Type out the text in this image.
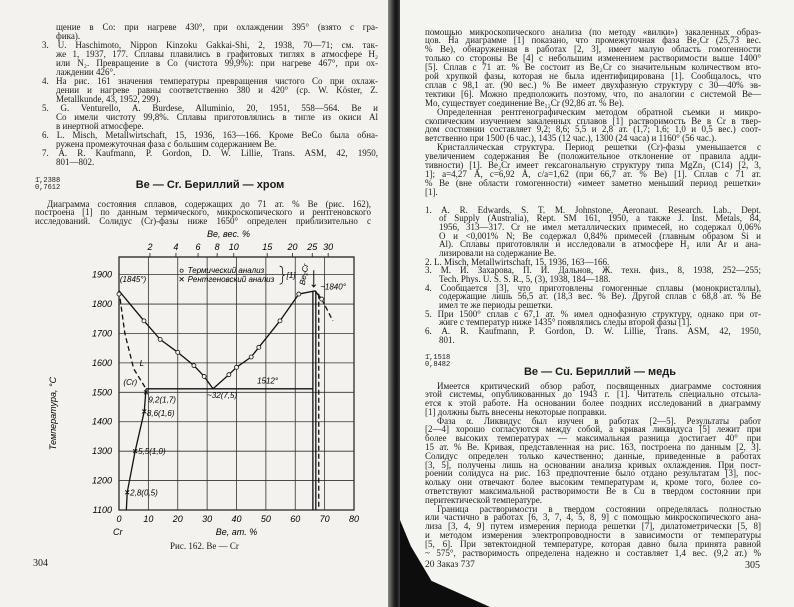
щение в Co: при нагреве 430°, при охлаждении 395° (взято с гра-
фика).
3. U. Haschimoto, Nippon Kinzoku Gakkai-Shi, 2, 1938, 70—71; см. так-
же 1, 1937, 177. Сплавы плавились в графитовых тиглях в атмосфере H₂
или N₂. Превращение в Co (чистота 99,9%): при нагреве 467°, при ох-
лаждении 426°.
4. На рис. 161 значения температуры превращения чистого Co при охлаж-
дении и нагреве равны соответственно 380 и 420° (ср. W. Köster, Z.
Metallkunde, 43, 1952, 299).
5. G. Venturello, A. Burdese, Alluminio, 20, 1951, 558—564. Be и
Co имели чистоту 99,8%. Сплавы приготовлялись в тигле из окиси Al
в инертной атмосфере.
6. L. Misch, Metallwirtschaft, 15, 1936, 163—166. Кроме BeCo была обна-
ружена промежуточная фаза с большим содержанием Be.
7. A. R. Kaufmann, P. Gordon, D. W. Lillie, Trans. ASM, 42, 1950,
801—802.
1̄,2388
0,7612	Be — Cr. Бериллий — хром
Диаграмма состояния сплавов, содержащих до 71 ат. % Be (рис. 162),
построена [1] по данным термического, микроскопического и рентгеновского
исследований. Солидус (Cr)-фазы ниже 1650° определен приблизительно с
0 10 20 30 40 50 60 70 80
1100
1200
1300
1400
1500
1600
1700
1800
1900
2 4 6 8 10	15 20 25 30
Be, вес. %
Be, ат. %
Cr
Температура, °C
Термический анализ
Рентгеновский анализ [1]
(1845°)
~1840°
Be₂Cr
(Cr)	1512°
~32(7,5)
L
9,2(1,7)
8,6(1,6)
5,5(1,0)
2,8(0,5)
Рис. 162. Be — Cr
304
помощью микроскопического анализа (по методу «вилки») закаленных образ-
цов. На диаграмме [1] показано, что промежуточная фаза Be₂Cr (25,73 вес.
% Be), обнаруженная в работах [2, 3], имеет малую область гомогенности
только со стороны Be [4] с небольшим изменением растворимости выше 1400°
[5]. Сплав с 71 ат. % Be состоит из Be₂Cr со значительным количеством вто-
рой хрупкой фазы, которая не была идентифицирована [1]. Сообщалось, что
сплав с 98,1 ат. (90 вес.) % Be имеет двухфазную структуру с 30—40% эв-
тектики [6]. Можно предположить поэтому, что, по аналогии с системой Be—
Mo, существует соединение Be₁₂Cr (92,86 ат. % Be).
Определенная рентгенографическим методом обратной съемки и микро-
скопическим изучением закаленных сплавов [1] растворимость Be в Cr в твер-
дом состоянии составляет 9,2; 8,6; 5,5 и 2,8 ат. (1,7; 1,6; 1,0 и 0,5 вес.) соот-
ветственно при 1500 (6 час.), 1435 (12 час.), 1300 (24 часа) и 1160° (56 час.).
Кристаллическая структура. Период решетки (Cr)-фазы уменьшается с
увеличением содержания Be (положительное отклонение от правила адди-
тивности) [1]. Be₂Cr имеет гексагональную структуру типа MgZn₂ (C14) [2, 3,
1]; a=4,27 Å, c=6,92 Å, c/a=1,62 (при 66,7 ат. % Be) [1]. Сплав с 71 ат.
% Be (вне области гомогенности) «имеет заметно меньший период решетки»
[1].
1. A. R. Edwards, S. T. M. Johnstone, Aeronaut. Research. Lab., Dept.
of Supply (Australia), Rept. SM 161, 1950, а также J. Inst. Metals, 84,
1956, 313—317. Cr не имел металлических примесей, но содержал 0,06%
O и <0,001% N; Be содержал 0,84% примесей (главным образом Si и
Al). Сплавы приготовляли и исследовали в атмосфере H₂ или Ar и ана-
лизировали на содержание Be.
2. L. Misch, Metallwirtschaft, 15, 1936, 163—166.
3. М. И. Захарова, П. И. Дальнов, Ж. техн. физ., 8, 1938, 252—255;
Tech. Phys. U. S. S. R., 5, (3), 1938, 184—188.
4. Сообщается [3], что приготовлены гомогенные сплавы (монокристаллы),
содержащие лишь 56,5 ат. (18,3 вес. % Be). Другой сплав с 68,8 ат. % Be
имел те же периоды решетки.
5. При 1500° сплав с 67,1 ат. % имел однофазную структуру, однако при от-
жиге с температур ниже 1435° появлялись следы второй фазы [1].
6. A. R. Kaufmann, P. Gordon, D. W. Lillie, Trans. ASM, 42, 1950,
801.
1̄,1518
0,8482
Be — Cu. Бериллий — медь
Имеется критический обзор работ, посвященных диаграмме состояния
этой системы, опубликованных до 1943 г. [1]. Читатель специально отсыла-
ется к этой работе. На основании более поздних исследований в диаграмму
[1] должны быть внесены некоторые поправки.
Фаза α. Ликвидус был изучен в работах [2—5]. Результаты работ
[2—4] хорошо согласуются между собой, а кривая ликвидуса [5] лежит при
более высоких температурах — максимальная разница достигает 40° при
15 ат. % Be. Кривая, представленная на рис. 163, построена по данным [2, 3].
Солидус определен только качественно; данные, приведенные в работах
[3, 5], получены лишь на основании анализа кривых охлаждения. При пост-
роении солидуса на рис. 163 предпочтение было отдано результатам [3], пос-
кольку они отвечают более высоким температурам и, кроме того, более со-
ответствуют максимальной растворимости Be в Cu в твердом состоянии при
перитектической температуре.
Граница растворимости в твердом состоянии определялась полностью
или частично в работах [6, 3, 7, 4, 5, 8, 9] с помощью микроскопического ана-
лиза [3, 4, 9] путем измерения периода решетки [7], дилатометрически [5, 8]
и методом измерения электропроводности в зависимости от температуры
[5, 6]. При эвтектоидной температуре, которая давно была принята равной
~ 575°, растворимость определена надежно и составляет 1,4 вес. (9,2 ат.) %
20 Заказ 737	305
